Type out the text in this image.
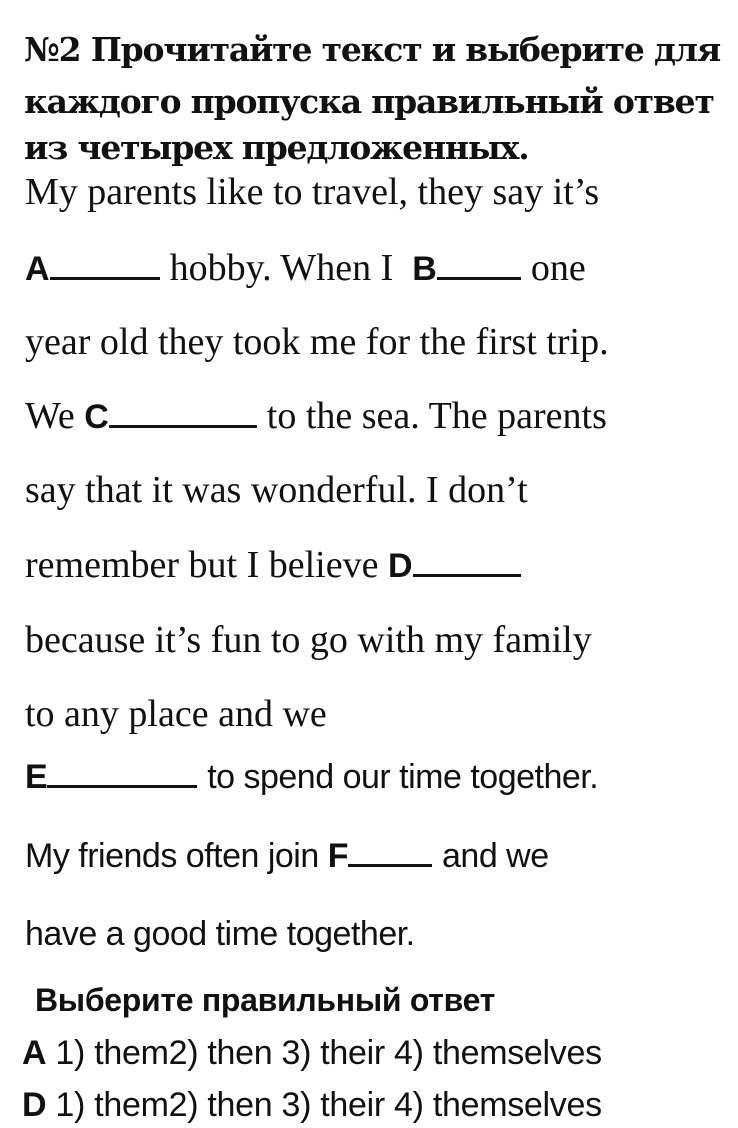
№2 Прочитайте текст и выберите для
каждого пропуска правильный ответ
из четырех предложенных.
My parents like to travel, they say it’s
A	hobby. When I B one
year old they took me for the first trip.
We C	to the sea. The parents
say that it was wonderful. I don’t
remember but I believe D
because it’s fun to go with my family
to any place and we
E	to spend our time together.
My friends often join F	and we
have a good time together.
Выберите правильный ответ
A 1) them2) then 3) their 4) themselves
D 1) them2) then 3) their 4) themselves
